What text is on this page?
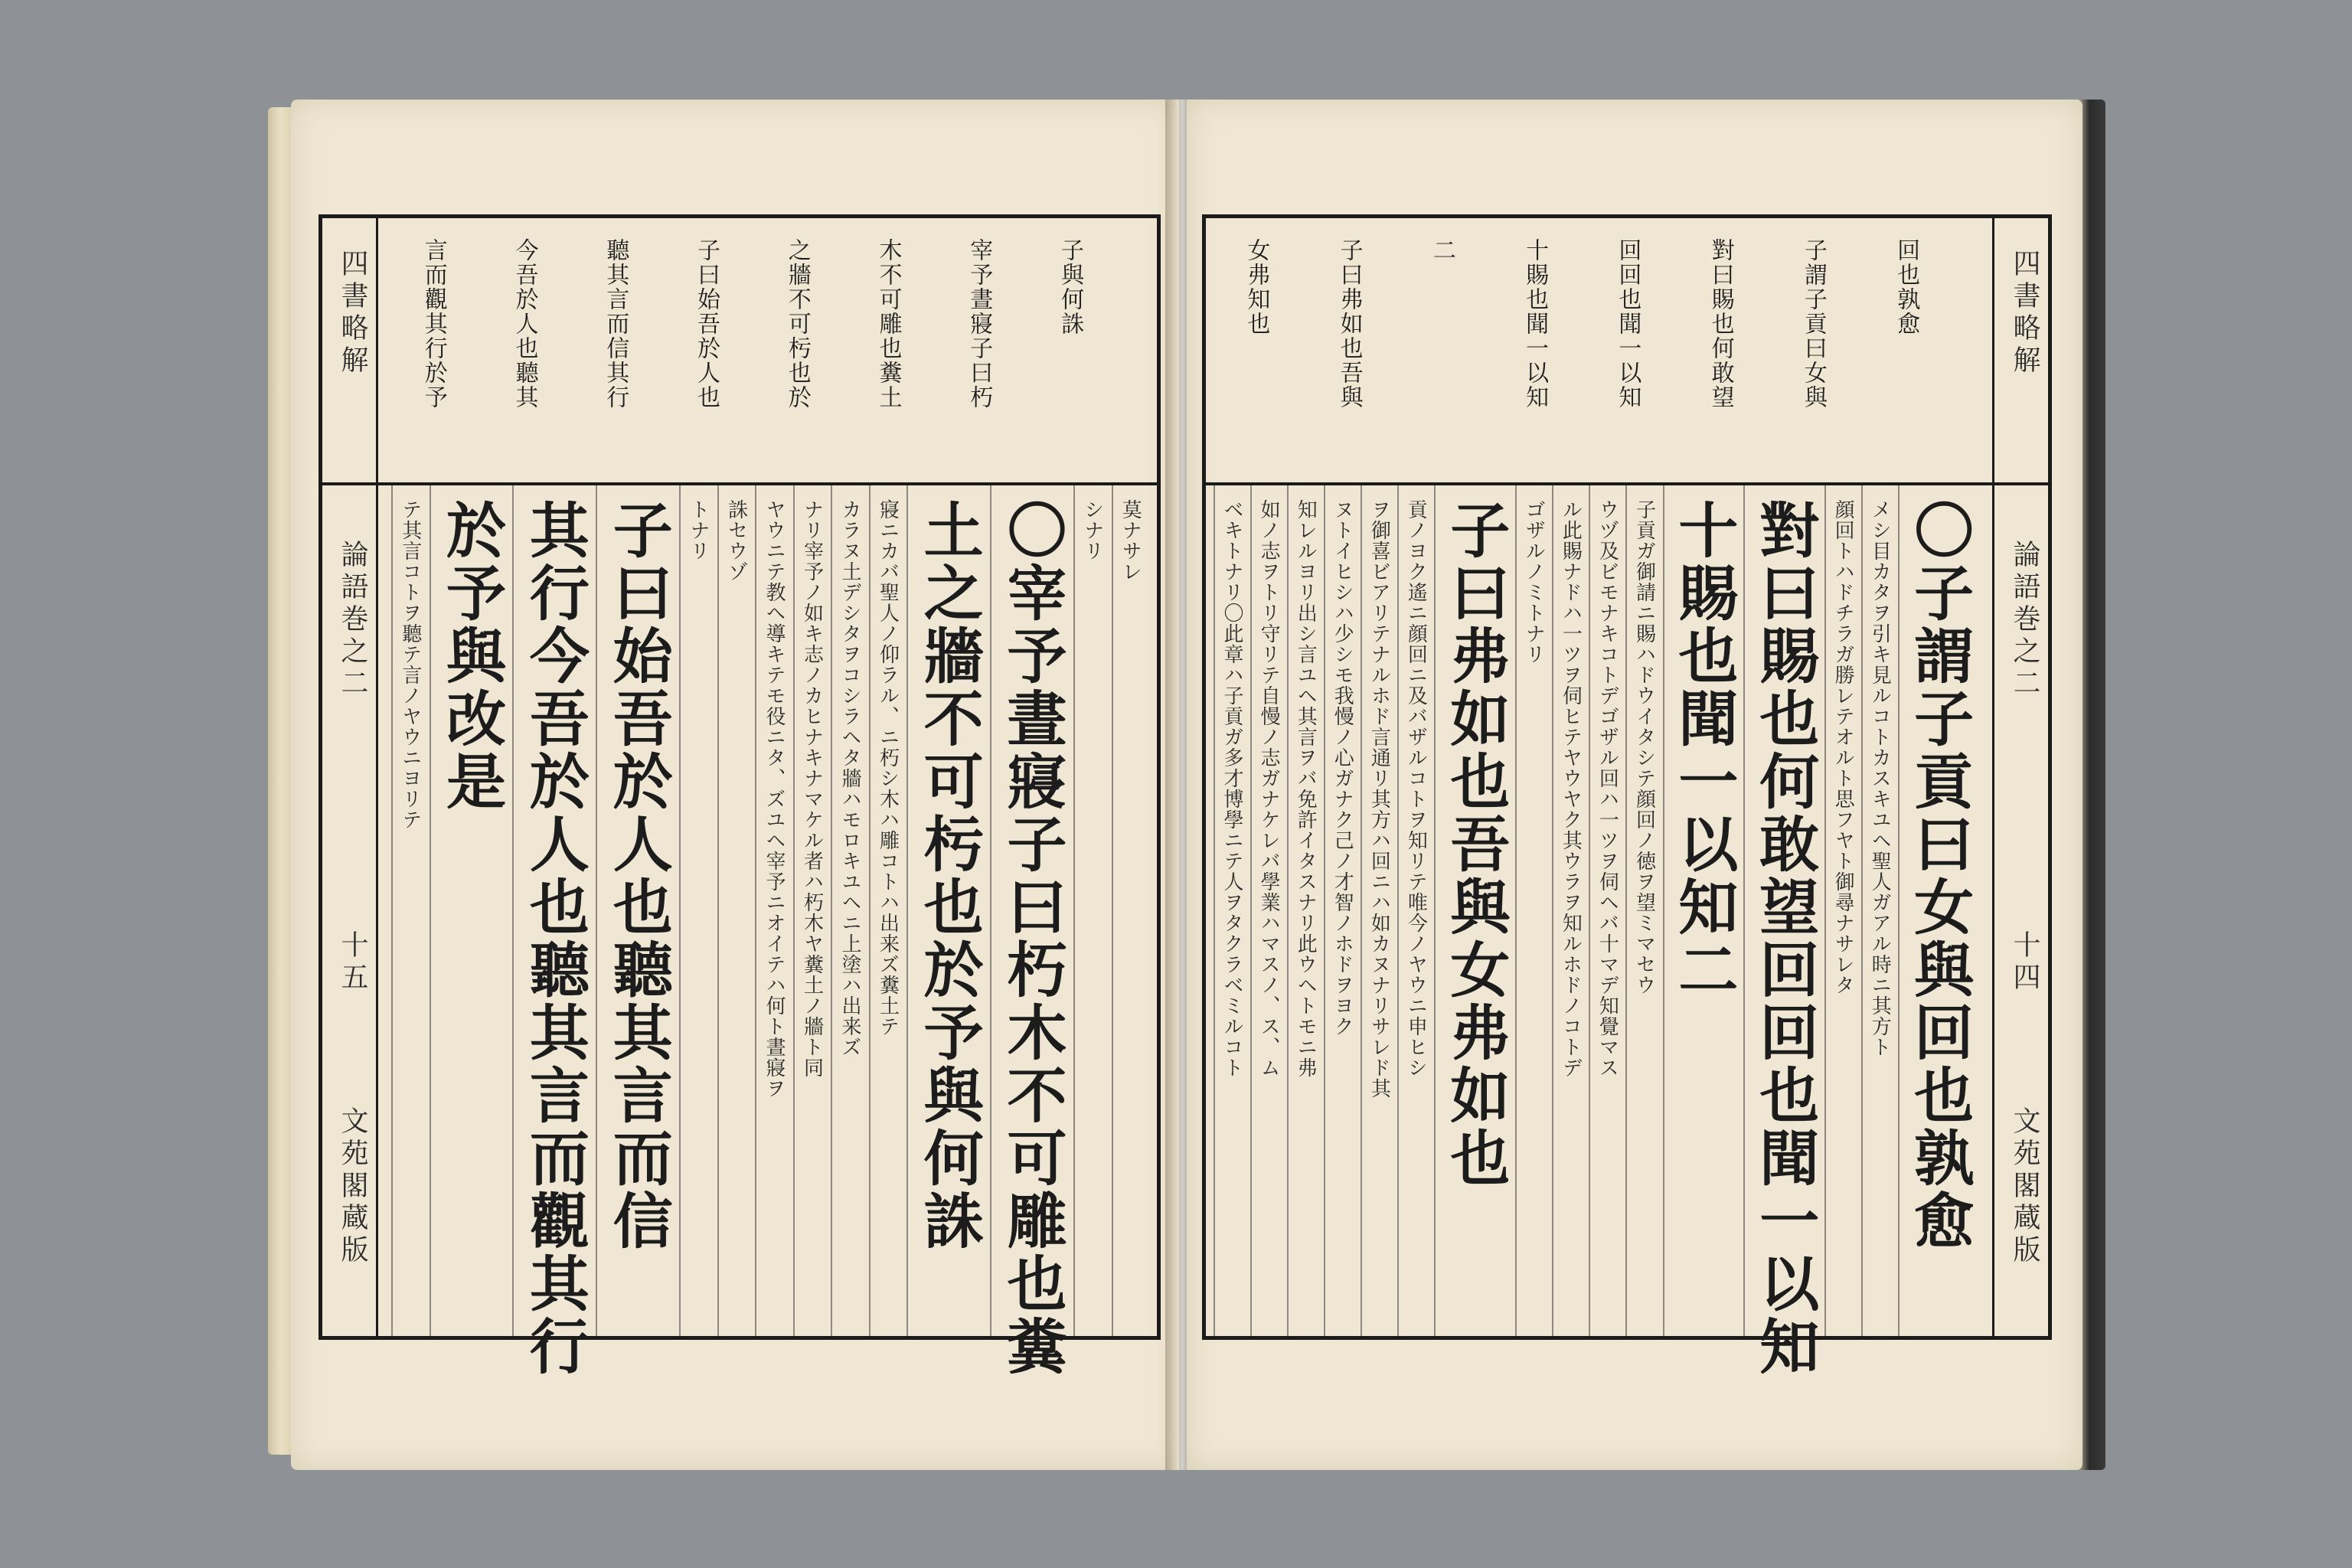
四書略解
論語巻之二
十五
文苑閣蔵版
子與何誅
宰予晝寢子曰朽
木不可雕也糞土
之牆不可杇也於
子曰始吾於人也
聽其言而信其行
今吾於人也聽其
言而觀其行於予
莫ナサレ
シナリ
〇宰予晝寢子曰朽木不可雕也糞
土之牆不可杇也於予與何誅
寢ニカバ聖人ノ仰ラル、ニ朽シ木ハ雕コトハ出来ズ糞土テ
カラヌ土デシタヲコシラヘタ牆ハモロキユヘニ上塗ハ出来ズ
ナリ宰予ノ如キ志ノカヒナキナマケル者ハ朽木ヤ糞土ノ牆ト同
ヤウニテ教ヘ導キテモ役ニタ、ズユヘ宰予ニオイテハ何ト晝寢ヲ
誅セウゾ
トナリ
子曰始吾於人也聽其言而信
其行今吾於人也聽其言而觀其行
於予與改是
テ其言コトヲ聽テ言ノヤウニヨリテ
四書略解
論語巻之二
十四
文苑閣蔵版
回也孰愈
子謂子貢曰女與
對曰賜也何敢望
回回也聞一以知
十賜也聞一以知
二
子曰弗如也吾與
女弗知也
〇子謂子貢曰女與回也孰愈
メシ目カタヲ引キ見ルコトカスキユヘ聖人ガアル時ニ其方ト
顔回トハドチラガ勝レテオルト思フヤト御尋ナサレタ
對曰賜也何敢望回回也聞一以知
十賜也聞一以知二
子貢ガ御請ニ賜ハドウイタシテ顔回ノ徳ヲ望ミマセウ
ウヅ及ビモナキコトデゴザル回ハ一ツヲ伺ヘバ十マデ知覺マス
ル此賜ナドハ一ツヲ伺ヒテヤウヤク其ウラヲ知ルホドノコトデ
ゴザルノミトナリ
子曰弗如也吾與女弗如也
貢ノヨク遙ニ顔回ニ及バザルコトヲ知リテ唯今ノヤウニ申ヒシ
ヲ御喜ビアリテナルホド言通リ其方ハ回ニハ如カヌナリサレド其
ヌトイヒシハ少シモ我慢ノ心ガナク己ノ才智ノホドヲヨク
知レルヨリ出シ言ユヘ其言ヲバ免許イタスナリ此ウヘトモニ弗
如ノ志ヲトリ守リテ自慢ノ志ガナケレバ學業ハマスノ、ス、ム
ベキトナリ〇此章ハ子貢ガ多才博學ニテ人ヲタクラベミルコト
